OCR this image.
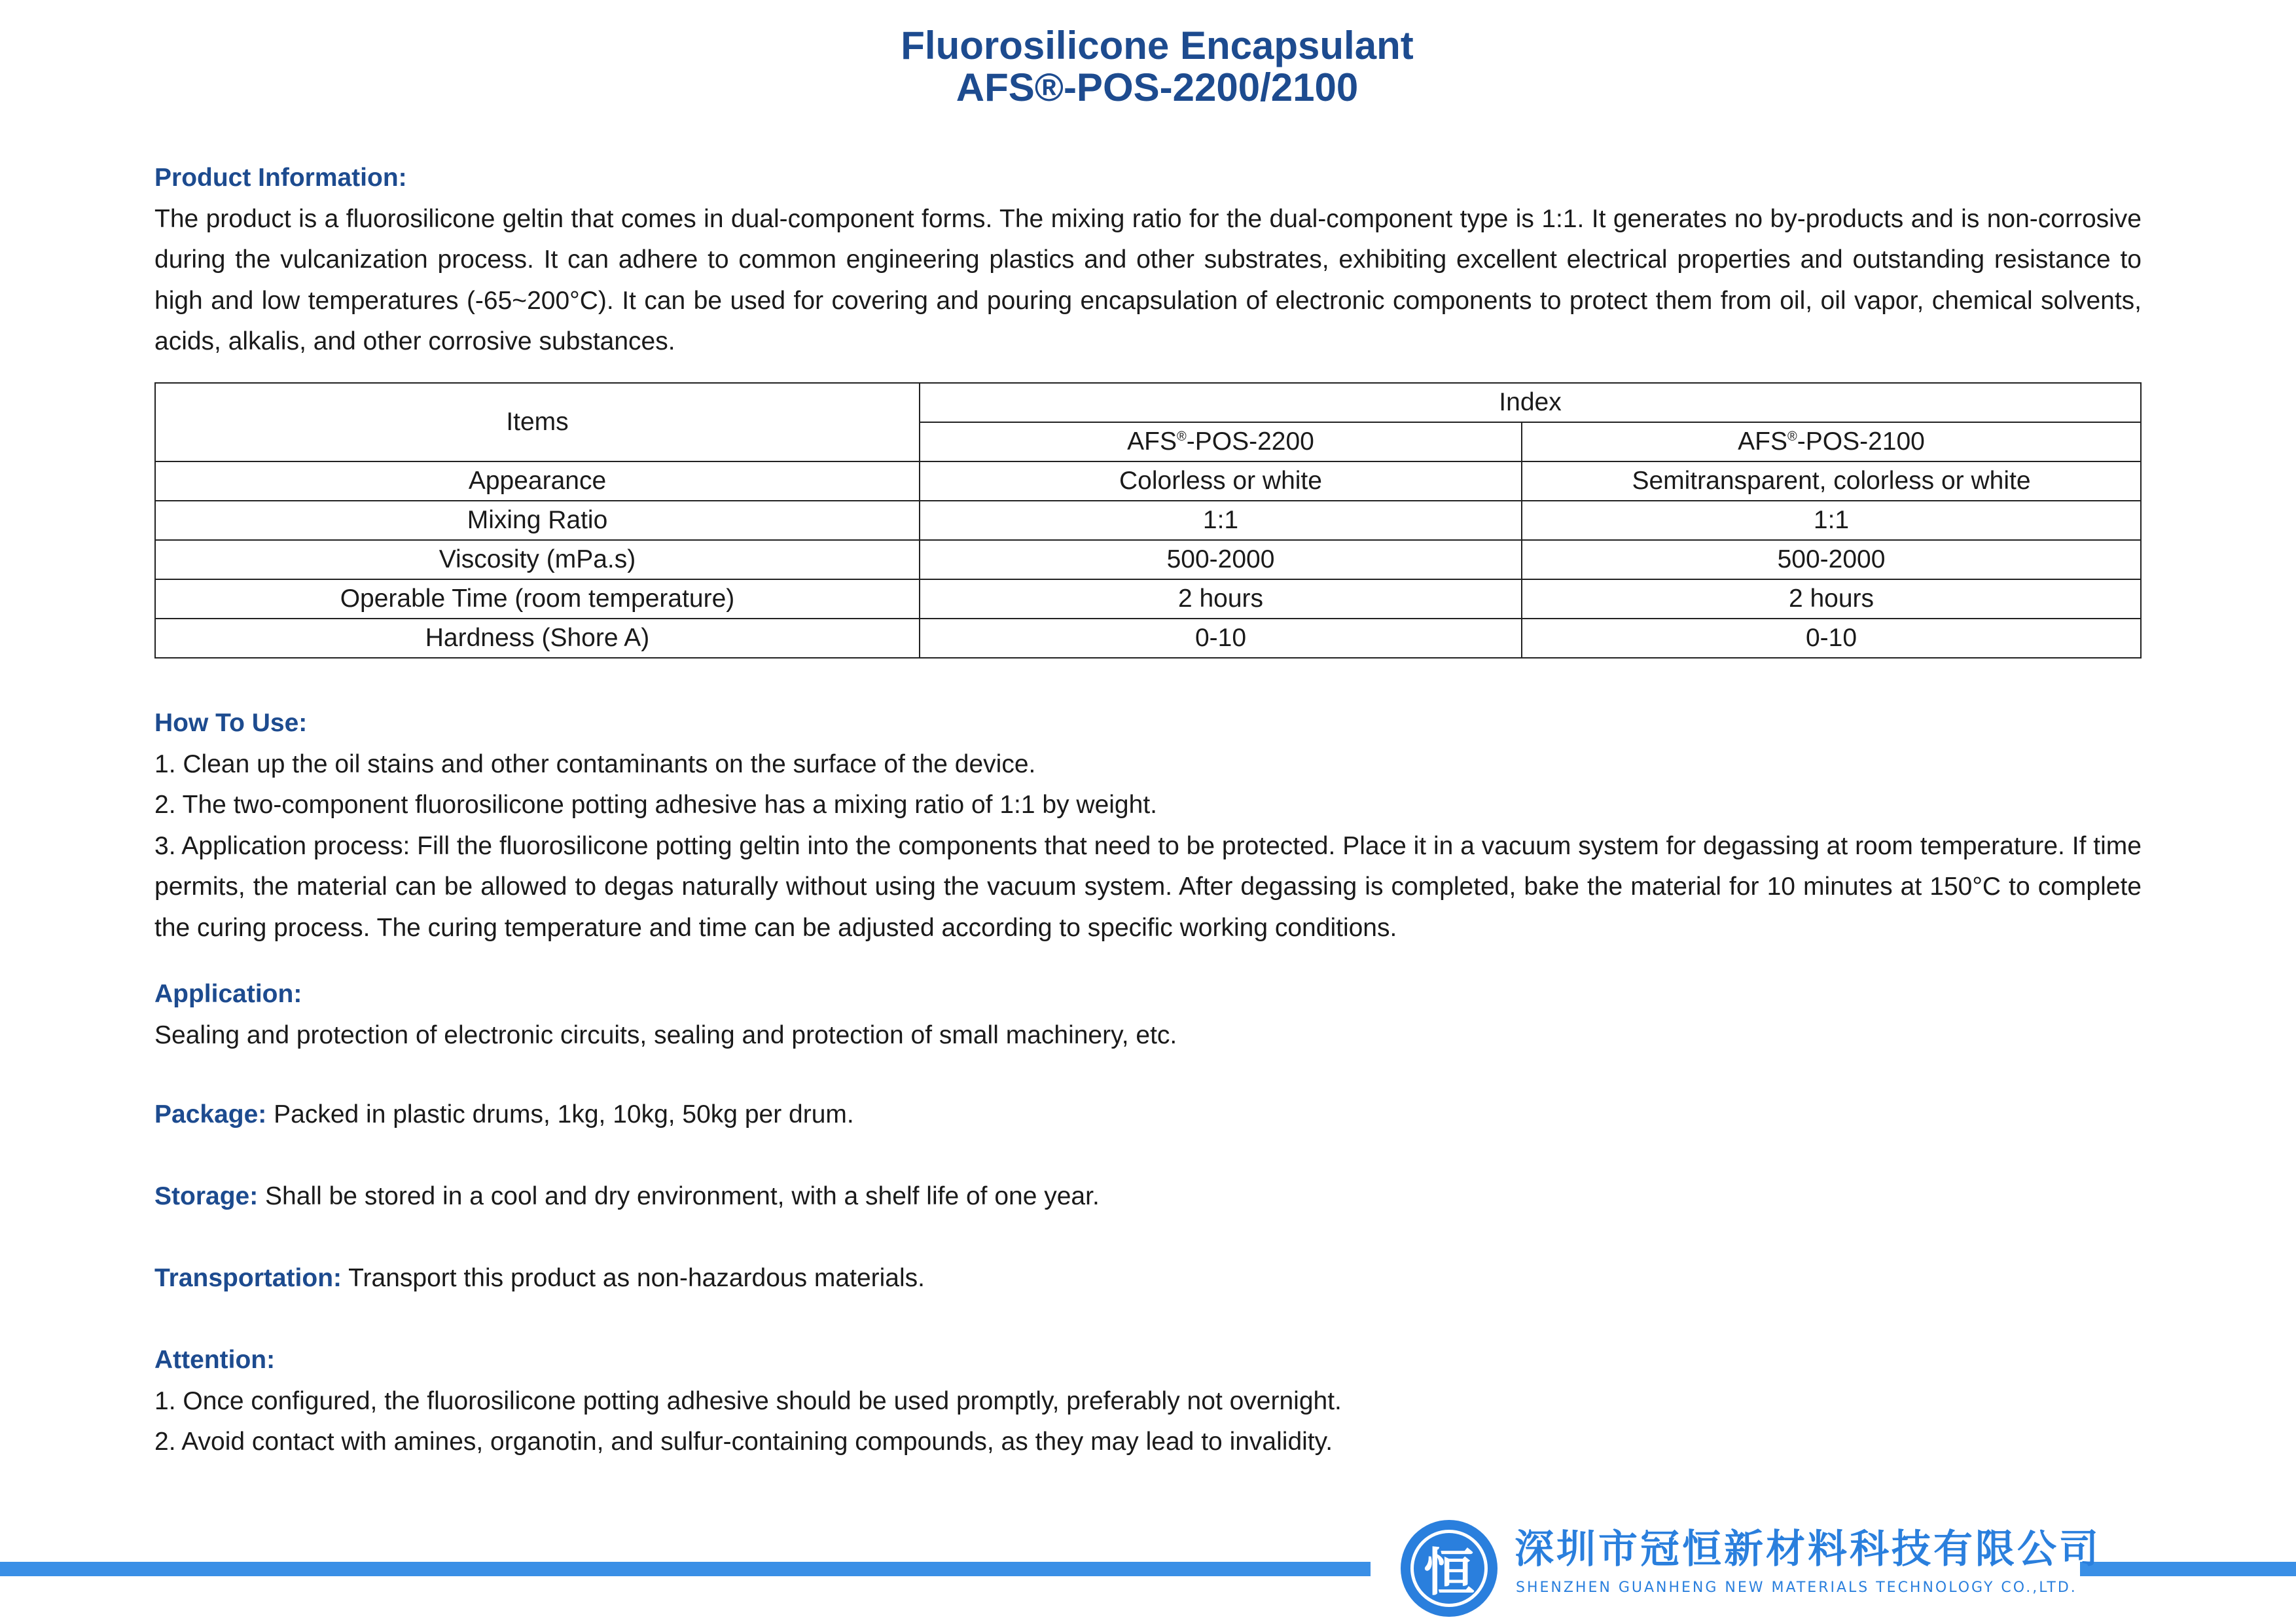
Fluorosilicone Encapsulant
AFS®-POS-2200/2100
Product Information:
The product is a fluorosilicone geltin that comes in dual-component forms. The mixing ratio for the dual-component type is 1:1. It generates no by-products and is non-corrosive during the vulcanization process. It can adhere to common engineering plastics and other substrates, exhibiting excellent electrical properties and outstanding resistance to high and low temperatures (-65~200°C). It can be used for covering and pouring encapsulation of electronic components to protect them from oil, oil vapor, chemical solvents, acids, alkalis, and other corrosive substances.
Items	Index	
	AFS®-POS-2200	AFS®-POS-2100
Appearance	Colorless or white	Semitransparent, colorless or white
Mixing Ratio	1:1	1:1
Viscosity (mPa.s)	500-2000	500-2000
Operable Time (room temperature)	2 hours	2 hours
Hardness (Shore A)	0-10	0-10
How To Use:
1. Clean up the oil stains and other contaminants on the surface of the device.
2. The two-component fluorosilicone potting adhesive has a mixing ratio of 1:1 by weight.
3. Application process: Fill the fluorosilicone potting geltin into the components that need to be protected. Place it in a vacuum system for degassing at room temperature. If time permits, the material can be allowed to degas naturally without using the vacuum system. After degassing is completed, bake the material for 10 minutes at 150°C to complete the curing process. The curing temperature and time can be adjusted according to specific working conditions.
Application:
Sealing and protection of electronic circuits, sealing and protection of small machinery, etc.
Package: Packed in plastic drums, 1kg, 10kg, 50kg per drum.
Storage: Shall be stored in a cool and dry environment, with a shelf life of one year.
Transportation: Transport this product as non-hazardous materials.
Attention:
1. Once configured, the fluorosilicone potting adhesive should be used promptly, preferably not overnight.
2. Avoid contact with amines, organotin, and sulfur-containing compounds, as they may lead to invalidity.
恒	深圳市冠恒新材料科技有限公司
SHENZHEN GUANHENG NEW MATERIALS TECHNOLOGY CO.,LTD.
